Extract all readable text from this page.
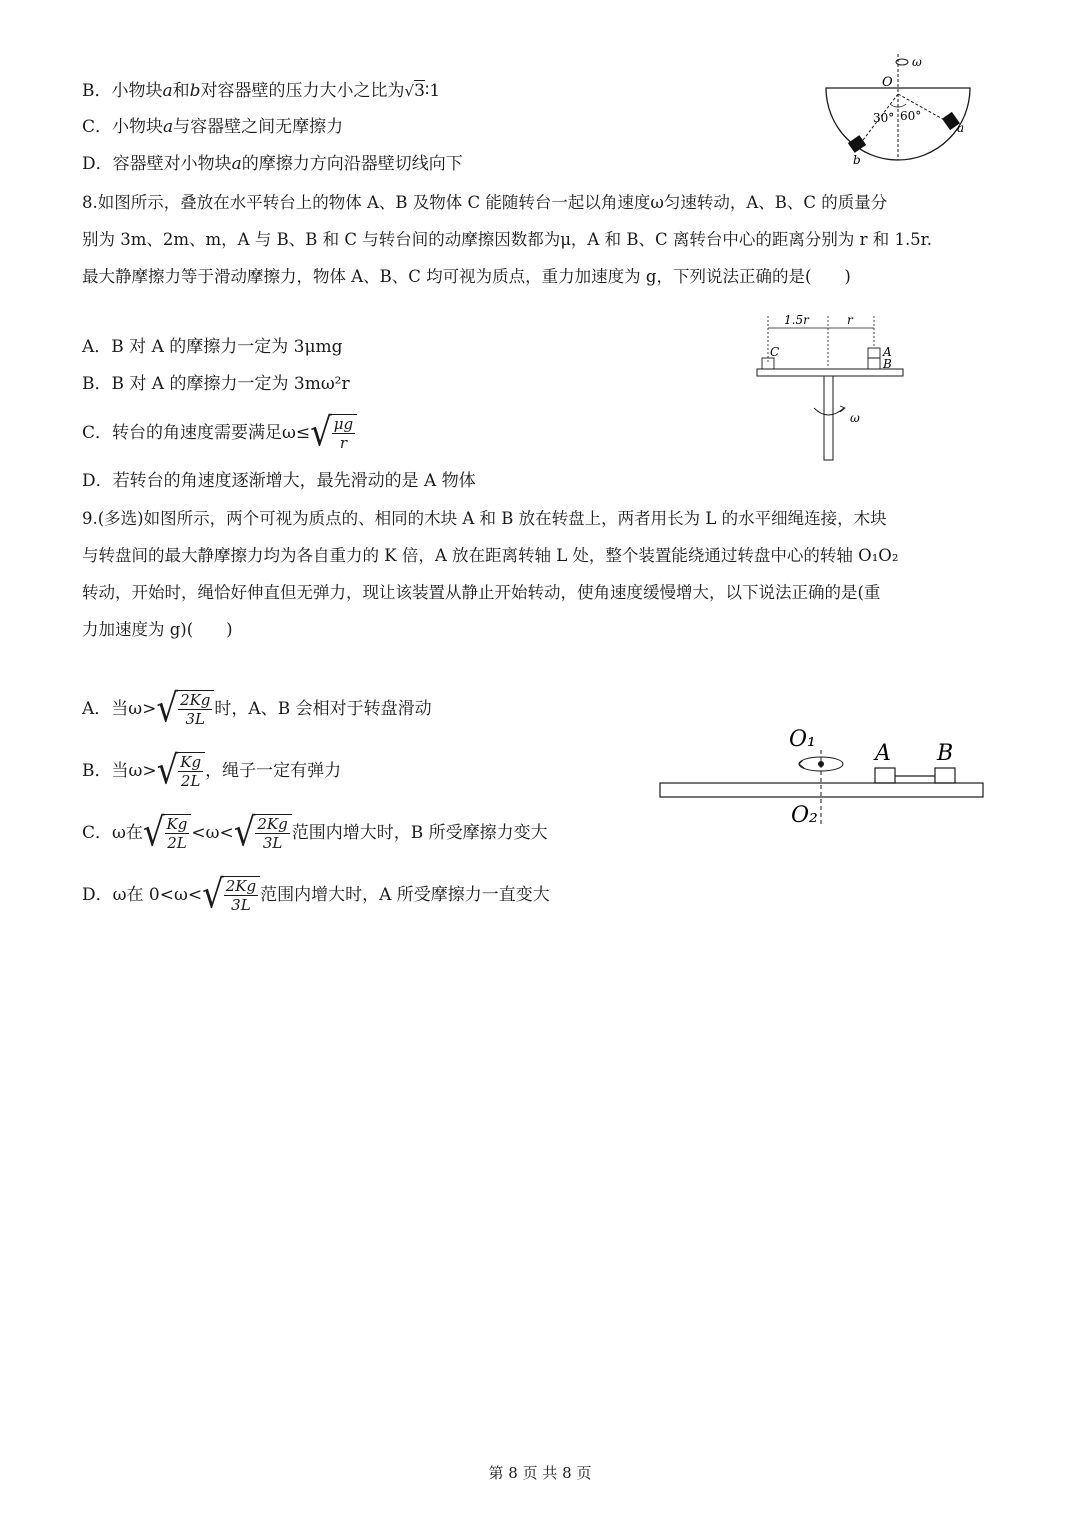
B．小物块a和b对容器壁的压力大小之比为√3∶1
C．小物块a与容器壁之间无摩擦力
D．容器壁对小物块a的摩擦力方向沿器壁切线向下
ω
O
30° 60°
a
b
8.如图所示，叠放在水平转台上的物体 A、B 及物体 C 能随转台一起以角速度ω匀速转动，A、B、C 的质量分
别为 3m、2m、m，A 与 B、B 和 C 与转台间的动摩擦因数都为μ，A 和 B、C 离转台中心的距离分别为 r 和 1.5r.
最大静摩擦力等于滑动摩擦力，物体 A、B、C 均可视为质点，重力加速度为 g，下列说法正确的是(　　)
A．B 对 A 的摩擦力一定为 3μmg
B．B 对 A 的摩擦力一定为 3mω²r
C．转台的角速度需要满足ω≤ √
$\frac{\mu g}{r}$
D．若转台的角速度逐渐增大，最先滑动的是 A 物体
1.5r	r
C	A
B
ω
9.(多选)如图所示，两个可视为质点的、相同的木块 A 和 B 放在转盘上，两者用长为 L 的水平细绳连接，木块
与转盘间的最大静摩擦力均为各自重力的 K 倍，A 放在距离转轴 L 处，整个装置能绕通过转盘中心的转轴 O₁O₂
转动，开始时，绳恰好伸直但无弹力，现让该装置从静止开始转动，使角速度缓慢增大，以下说法正确的是(重
力加速度为 g)(　　)
A．当ω> √
$\frac{2Kg}{3L}$ 时，A、B 会相对于转盘滑动
B．当ω> √
$\frac{Kg}{2L}$ ，绳子一定有弹力
C．ω在 √
$\frac{Kg}{2L} <\omega<$ √
$\frac{2Kg}{3L}$ 范围内增大时，B 所受摩擦力变大
D．ω在 0<ω< √
$\frac{2Kg}{3L}$ 范围内增大时，A 所受摩擦力一直变大
O₁
A B
O₂
第 8 页 共 8 页
